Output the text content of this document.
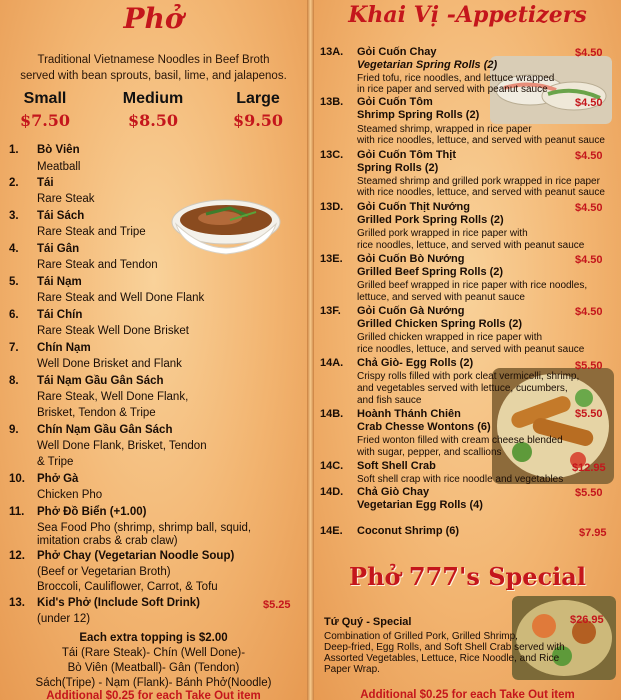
Phở
Traditional Vietnamese Noodles in Beef Broth
served with bean sprouts, basil, lime, and jalapenos.
Small	Medium	Large
$7.50	$8.50	$9.50
1. Bò Viên
Meatball
2. Tái
Rare Steak
3. Tái Sách
Rare Steak and Tripe
4. Tái Gân
Rare Steak and Tendon
5. Tái Nạm
Rare Steak and Well Done Flank
6. Tái Chín
Rare Steak Well Done Brisket
7. Chín Nạm
Well Done Brisket and Flank
8. Tái Nạm Gầu Gân Sách
Rare Steak, Well Done Flank,
Brisket, Tendon & Tripe
9. Chín Nạm Gầu Gân Sách
Well Done Flank, Brisket, Tendon
& Tripe
10. Phở Gà
Chicken Pho
11. Phở Đồ Biển (+1.00)
Sea Food Pho (shrimp, shrimp ball, squid,
imitation crabs & crab claw)
12. Phở Chay (Vegetarian Noodle Soup)
(Beef or Vegetarian Broth)
Broccoli, Cauliflower, Carrot, & Tofu
13. Kid's Phở (Include Soft Drink)	$5.25
(under 12)
Each extra topping is $2.00
Tái (Rare Steak)- Chín (Well Done)-
Bò Viên (Meatball)- Gân (Tendon)
Sách(Tripe) - Nạm (Flank)- Bánh Phở(Noodle)
Additional $0.25 for each Take Out item
Khai Vị -Appetizers
13A. Gỏi Cuốn Chay	$4.50
Vegetarian Spring Rolls (2)
Fried tofu, rice noodles, and lettuce wrapped
in rice paper and served with peanut sauce
13B. Gỏi Cuốn Tôm	$4.50
Shrimp Spring Rolls (2)
Steamed shrimp, wrapped in rice paper
with rice noodles, lettuce, and served with peanut sauce
13C. Gỏi Cuốn Tôm Thịt	$4.50
Spring Rolls (2)
Steamed shrimp and grilled pork wrapped in rice paper
with rice noodles, lettuce, and served with peanut sauce
13D. Gỏi Cuốn Thịt Nướng	$4.50
Grilled Pork Spring Rolls (2)
Grilled pork wrapped in rice paper with
rice noodles, lettuce, and served with peanut sauce
13E. Gỏi Cuốn Bò Nướng	$4.50
Grilled Beef Spring Rolls (2)
Grilled beef wrapped in rice paper with rice noodles,
lettuce, and served with peanut sauce
13F. Gỏi Cuốn Gà Nướng	$4.50
Grilled Chicken Spring Rolls (2)
Grilled chicken wrapped in rice paper with
rice noodles, lettuce, and served with peanut sauce
14A. Chả Giò- Egg Rolls (2)	$5.50
Crispy rolls filled with pork cleat vermicelli, shrimp,
and vegetables served with lettuce, cucumbers,
and fish sauce
14B. Hoành Thánh Chiên	$5.50
Crab Chesse Wontons (6)
Fried wonton filled with cream cheese blended
with sugar, pepper, and scallions
14C. Soft Shell Crab	$12.95
Soft shell crap with rice noodle and vegetables
14D. Chả Giò Chay	$5.50
Vegetarian Egg Rolls (4)
14E. Coconut Shrimp (6)	$7.95
Phở 777's Special
Tứ Quý - Special	$26.95
Combination of Grilled Pork, Grilled Shrimp,
Deep-fried, Egg Rolls, and Soft Shell Crab served with
Assorted Vegetables, Lettuce, Rice Noodle, and Rice
Paper Wrap.
Additional $0.25 for each Take Out item
